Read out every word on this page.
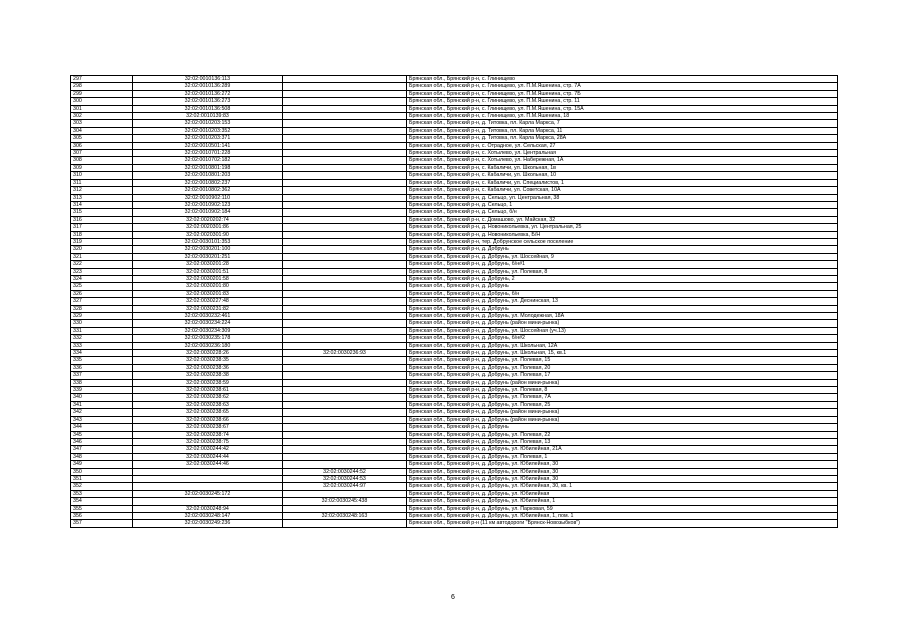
297	32:02:0010136:113		Брянская обл., Брянский р-н, с. Глинищево
298	32:02:0010136:289		Брянская обл., Брянский р-н, с. Глинищево, ул. П.М.Яшенина, стр. 7А
299	32:02:0010136:272		Брянская обл., Брянский р-н, с. Глинищево, ул. П.М.Яшенина, стр. 7Б
300	32:02:0010136:273		Брянская обл., Брянский р-н, с. Глинищево, ул. П.М.Яшенина, стр. 11
301	32:02:0010136:508		Брянская обл., Брянский р-н, с. Глинищево, ул. П.М.Яшенина, стр. 15А
302	32:02:0010139:83		Брянская обл., Брянский р-н, с. Глинищево, ул. П.М.Яшенина, 18
303	32:02:0010203:153		Брянская обл., Брянский р-н, д. Титовка, пл. Карла Маркса, 7
304	32:02:0010203:352		Брянская обл., Брянский р-н, д. Титовка, пл. Карла Маркса, 11
305	32:02:0010203:371		Брянская обл., Брянский р-н, д. Титовка, пл. Карла Маркса, 28А
306	32:02:0010501:141		Брянская обл., Брянский р-н, с. Отрадное, ул. Сельская, 27
307	32:02:0010701:228		Брянская обл., Брянский р-н, с. Хотылево, ул. Центральная
308	32:02:0010702:182		Брянская обл., Брянский р-н, с. Хотылево, ул. Набережная, 1А
309	32:02:0010801:198		Брянская обл., Брянский р-н, с. Кабаличи, ул. Школьная, 1в
310	32:02:0010801:203		Брянская обл., Брянский р-н, с. Кабаличи, ул. Школьная, 10
311	32:02:0010802:237		Брянская обл., Брянский р-н, с. Кабаличи, ул. Специалистов, 1
312	32:02:0010802:362		Брянская обл., Брянский р-н, с. Кабаличи, ул. Советская, 10А
313	32:02:0010902:110		Брянская обл., Брянский р-н, д. Сельцо, ул. Центральная, 38
314	32:02:0010902:123		Брянская обл., Брянский р-н, д. Сельцо, 1
315	32:02:0010902:184		Брянская обл., Брянский р-н, д. Сельцо, б/н
316	32:02:0020202:74		Брянская обл., Брянский р-н, с. Домашово, ул. Майская, 32
317	32:02:0020301:86		Брянская обл., Брянский р-н, д. Новоникольевка, ул. Центральная, 25
318	32:02:0020301:90		Брянская обл., Брянский р-н, д. Новоникольевка, Б/Н
319	32:02:0030101:353		Брянская обл., Брянский р-н, тер. Добрунское сельское поселение
320	32:02:0030201:100		Брянская обл., Брянский р-н, д. Добрунь
321	32:02:0030201:251		Брянская обл., Брянский р-н, д. Добрунь, ул. Шоссейная, 9
322	32:02:0030201:28		Брянская обл., Брянский р-н, д. Добрунь, б/н#1
323	32:02:0030201:51		Брянская обл., Брянский р-н, д. Добрунь, ул. Полевая, 8
324	32:02:0030201:58		Брянская обл., Брянский р-н, д. Добрунь, 2
325	32:02:0030201:80		Брянская обл., Брянский р-н, д. Добрунь
326	32:02:0030201:83		Брянская обл., Брянский р-н, д. Добрунь, б/н
327	32:02:0030227:48		Брянская обл., Брянский р-н, д. Добрунь, ул. Деснинская, 13
328	32:02:0030231:82		Брянская обл., Брянский р-н, д. Добрунь
329	32:02:0030232:461		Брянская обл., Брянский р-н, д. Добрунь, ул. Молодежная, 18А
330	32:02:0030234:224		Брянская обл., Брянский р-н, д. Добрунь (район мини-рынка)
331	32:02:0030234:309		Брянская обл., Брянский р-н, д. Добрунь, ул. Шоссейная (уч.13)
332	32:02:0030235:178		Брянская обл., Брянский р-н, д. Добрунь, б/н#2
333	32:02:0030236:180		Брянская обл., Брянский р-н, д. Добрунь, ул. Школьная, 12А
334	32:02:0030228:26	32:02:0030236:93	Брянская обл., Брянский р-н, д. Добрунь, ул. Школьная, 15, кв.1
335	32:02:0030238:35		Брянская обл., Брянский р-н, д. Добрунь, ул. Полевая, 15
336	32:02:0030238:36		Брянская обл., Брянский р-н, д. Добрунь, ул. Полевая, 20
337	32:02:0030238:38		Брянская обл., Брянский р-н, д. Добрунь, ул. Полевая, 17
338	32:02:0030238:59		Брянская обл., Брянский р-н, д. Добрунь (район мини-рынка)
339	32:02:0030238:61		Брянская обл., Брянский р-н, д. Добрунь, ул. Полевая, 8
340	32:02:0030238:62		Брянская обл., Брянский р-н, д. Добрунь, ул. Полевая, 7А
341	32:02:0030238:63		Брянская обл., Брянский р-н, д. Добрунь, ул. Полевая, 25
342	32:02:0030238:65		Брянская обл., Брянский р-н, д. Добрунь (район мини-рынка)
343	32:02:0030238:66		Брянская обл., Брянский р-н, д. Добрунь (район мини-рынка)
344	32:02:0030238:67		Брянская обл., Брянский р-н, д. Добрунь
345	32:02:0030238:74		Брянская обл., Брянский р-н, д. Добрунь, ул. Полевая, 22
346	32:02:0030238:75		Брянская обл., Брянский р-н, д. Добрунь, ул. Полевая, 13
347	32:02:0030244:42		Брянская обл., Брянский р-н, д. Добрунь, ул. Юбилейная, 21А
348	32:02:0030244:44		Брянская обл., Брянский р-н, д. Добрунь, ул. Полевая, 1
349	32:02:0030244:46		Брянская обл., Брянский р-н, д. Добрунь, ул. Юбилейная, 30
350		32:02:0030244:52	Брянская обл., Брянский р-н, д. Добрунь, ул. Юбилейная, 30
351		32:02:0030244:53	Брянская обл., Брянский р-н, д. Добрунь, ул. Юбилейная, 30
352		32:02:0030244:97	Брянская обл., Брянский р-н, д. Добрунь, ул. Юбилейная, 30, кв. 1
353	32:02:0030245:172		Брянская обл., Брянский р-н, д. Добрунь, ул. Юбилейная
354		32:02:0030245:438	Брянская обл., Брянский р-н, д. Добрунь, ул. Юбилейная, 1
355	32:02:0030248:94		Брянская обл., Брянский р-н, д. Добрунь, ул. Парковая, 59
356	32:02:0030248:147	32:02:0030248:163	Брянская обл., Брянский р-н, д. Добрунь, ул. Юбилейная, 1, пом. 1
357	32:02:0030249:236		Брянская обл., Брянский р-н (11 км автодороги "Брянск-Новозыбков")
6
